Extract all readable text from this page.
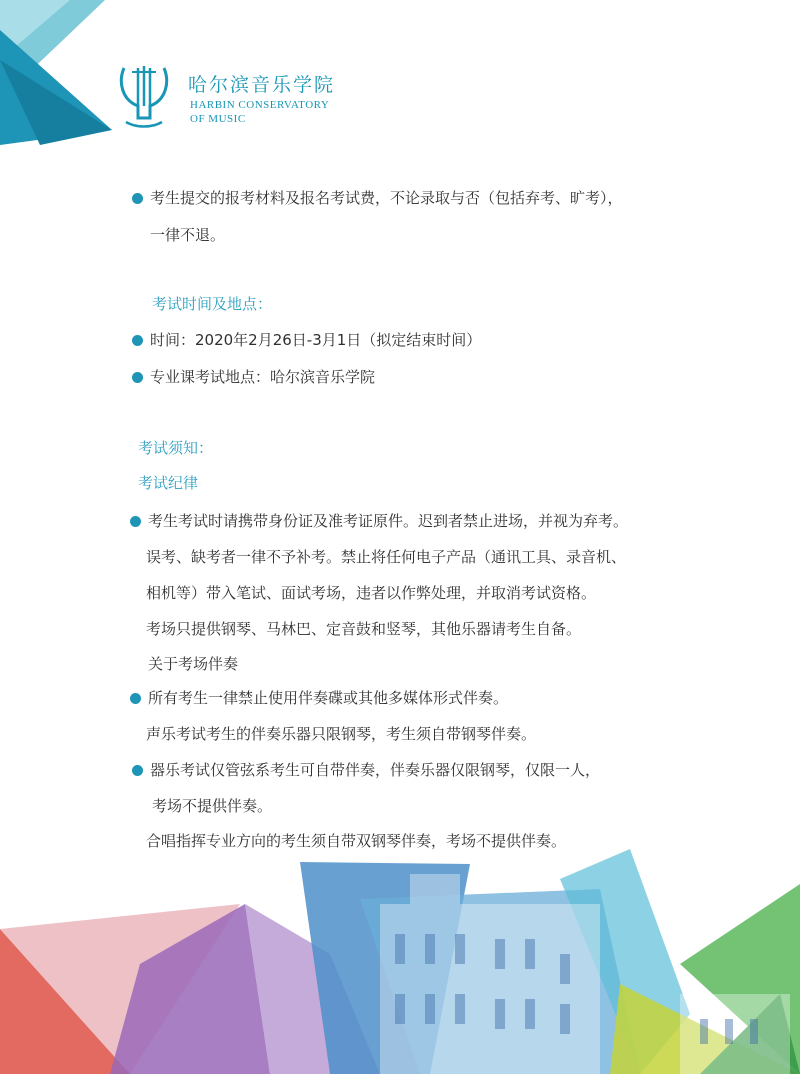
哈尔滨音乐学院
HARBIN CONSERVATORY
OF MUSIC
考生提交的报考材料及报名考试费，不论录取与否（包括弃考、旷考），
一律不退。
考试时间及地点：
时间：2020年2月26日-3月1日（拟定结束时间）
专业课考试地点：哈尔滨音乐学院
考试须知：
考试纪律
考生考试时请携带身份证及准考证原件。迟到者禁止进场，并视为弃考。
误考、缺考者一律不予补考。禁止将任何电子产品（通讯工具、录音机、
相机等）带入笔试、面试考场，违者以作弊处理，并取消考试资格。
考场只提供钢琴、马林巴、定音鼓和竖琴，其他乐器请考生自备。
关于考场伴奏
所有考生一律禁止使用伴奏碟或其他多媒体形式伴奏。
声乐考试考生的伴奏乐器只限钢琴，考生须自带钢琴伴奏。
器乐考试仅管弦系考生可自带伴奏，伴奏乐器仅限钢琴，仅限一人，
考场不提供伴奏。
合唱指挥专业方向的考生须自带双钢琴伴奏，考场不提供伴奏。
